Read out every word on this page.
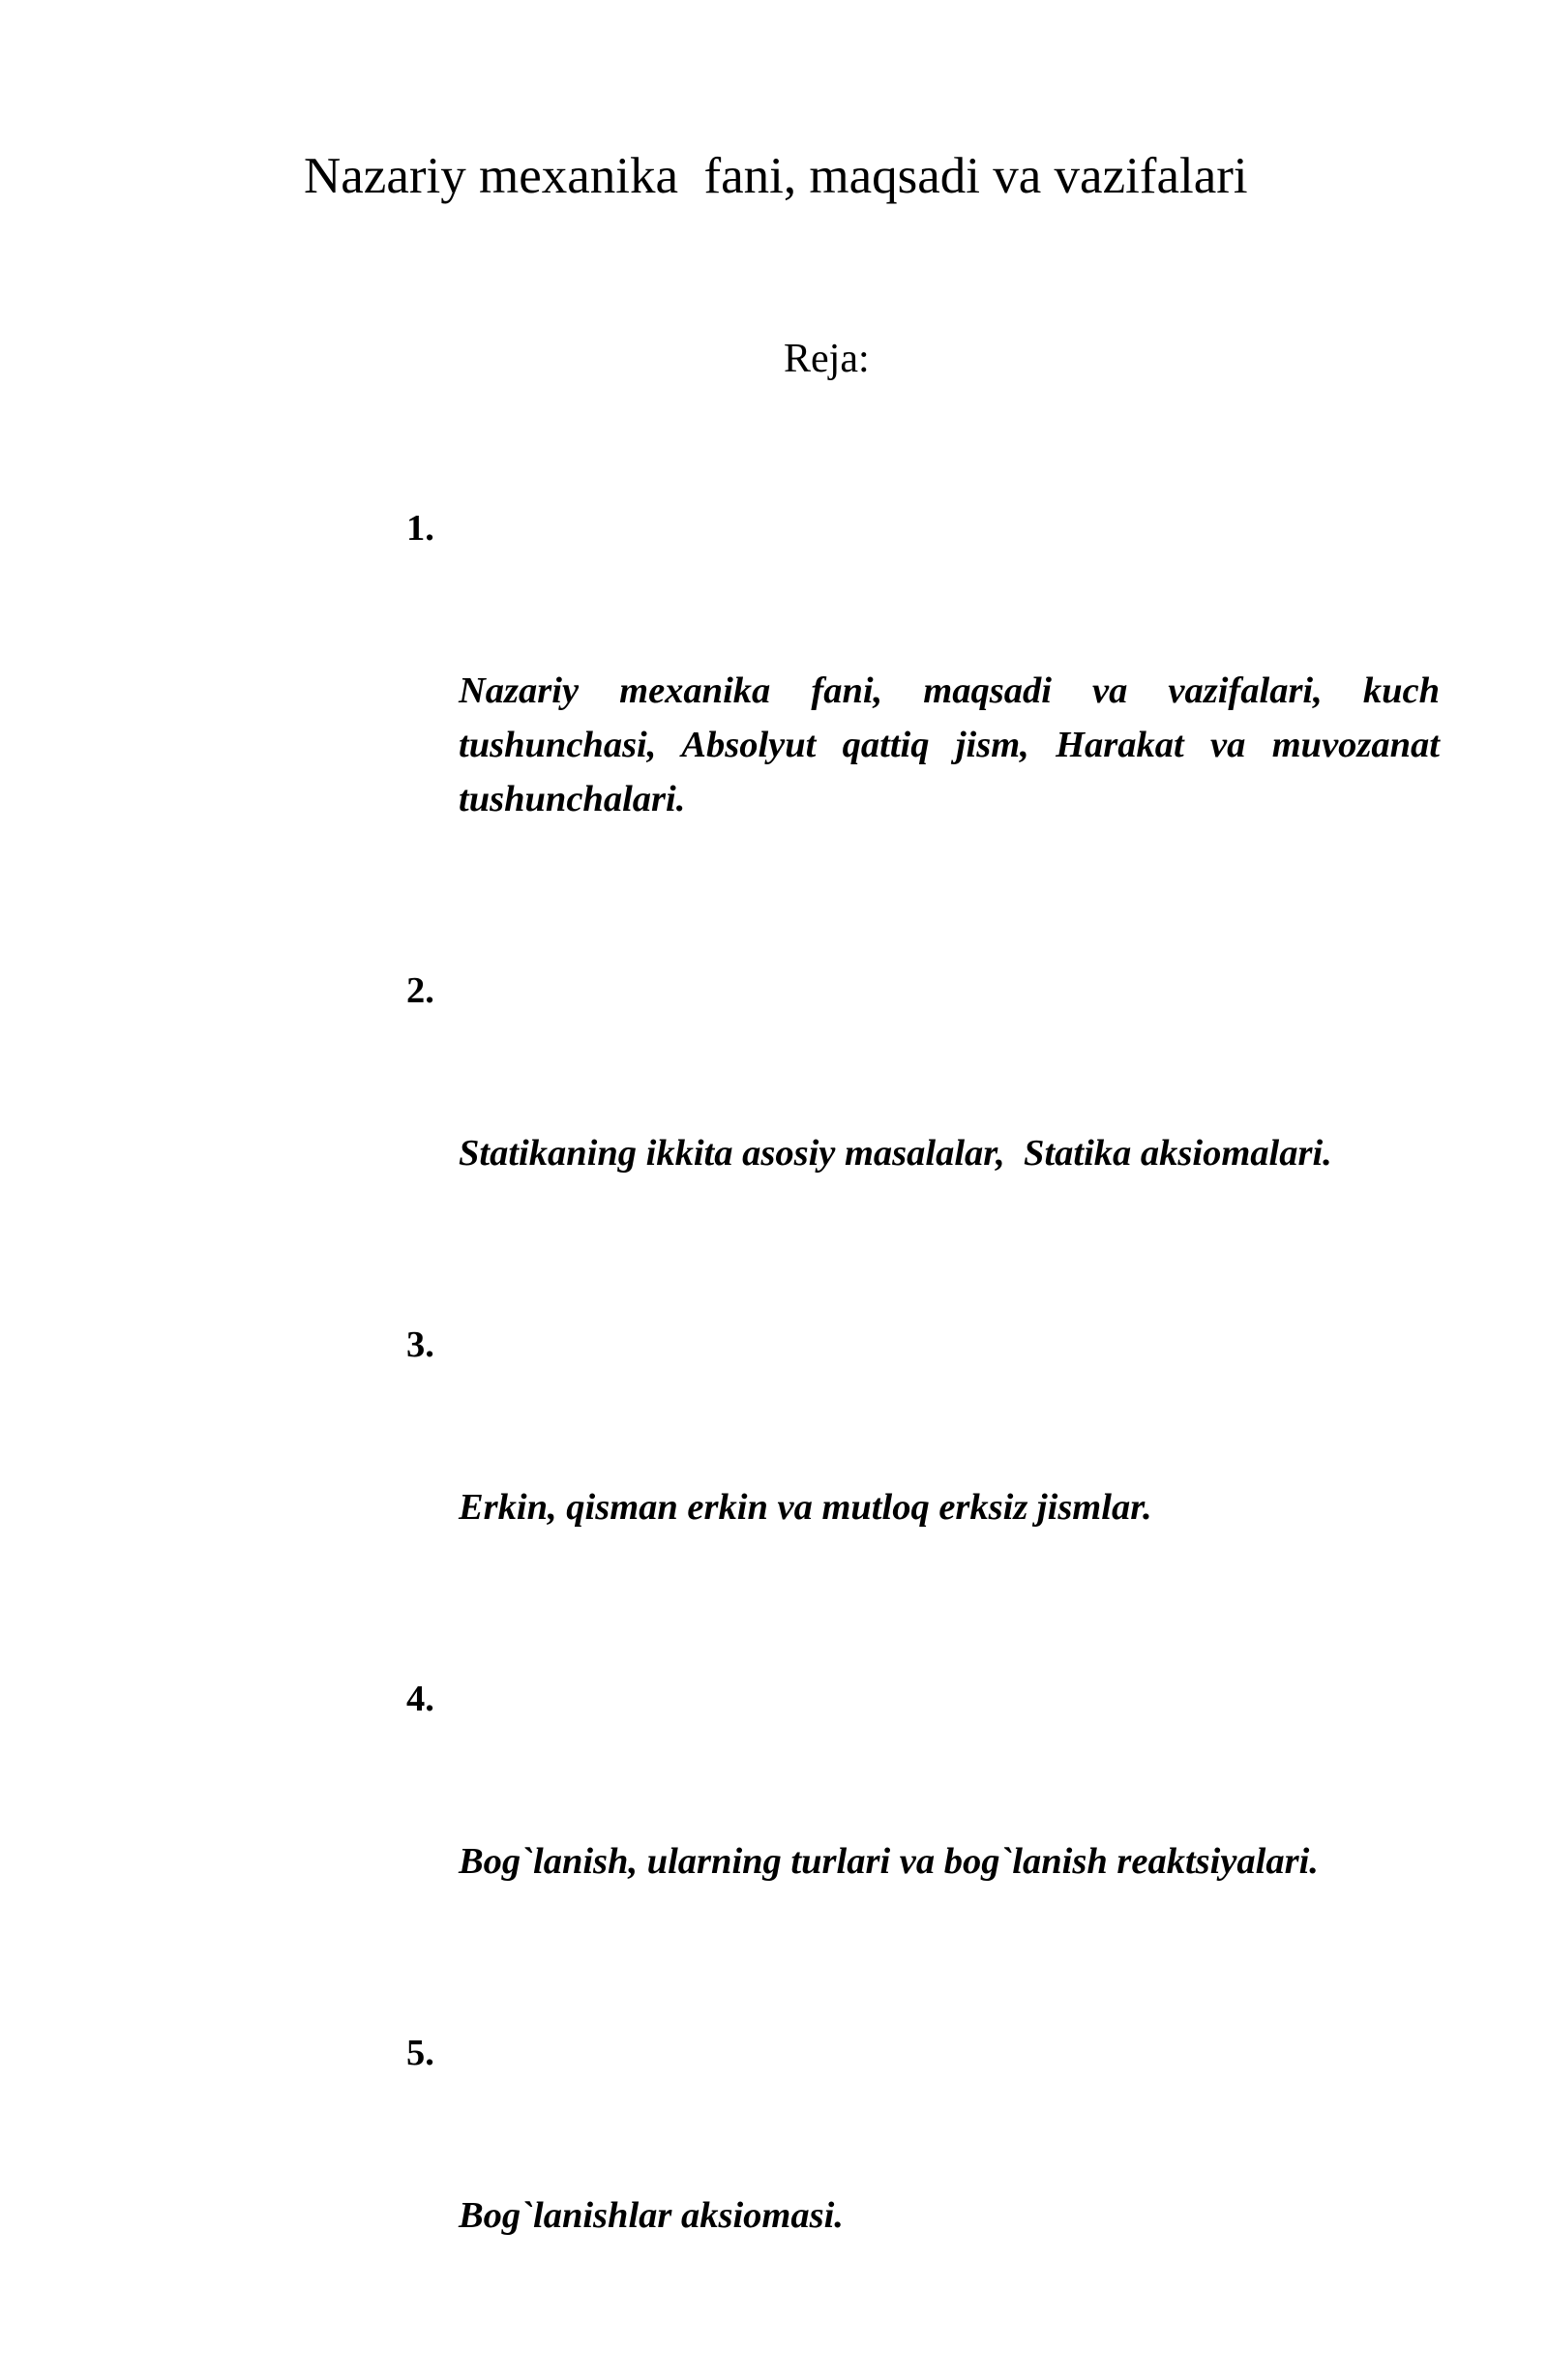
Nazariy mexanika  fani, maqsadi va vazifalari
Reja:

1.

Nazariy mexanika fani, maqsadi va vazifalari, kuch tushunchasi, Absolyut qattiq jism, Harakat va muvozanat tushunchalari.

2.

Statikaning ikkita asosiy masalalar,  Statika aksiomalari.

3.

Erkin, qisman erkin va mutloq erksiz jismlar.

4.

Bog`lanish, ularning turlari va bog`lanish reaktsiyalari.

5.

Bog`lanishlar aksiomasi.
